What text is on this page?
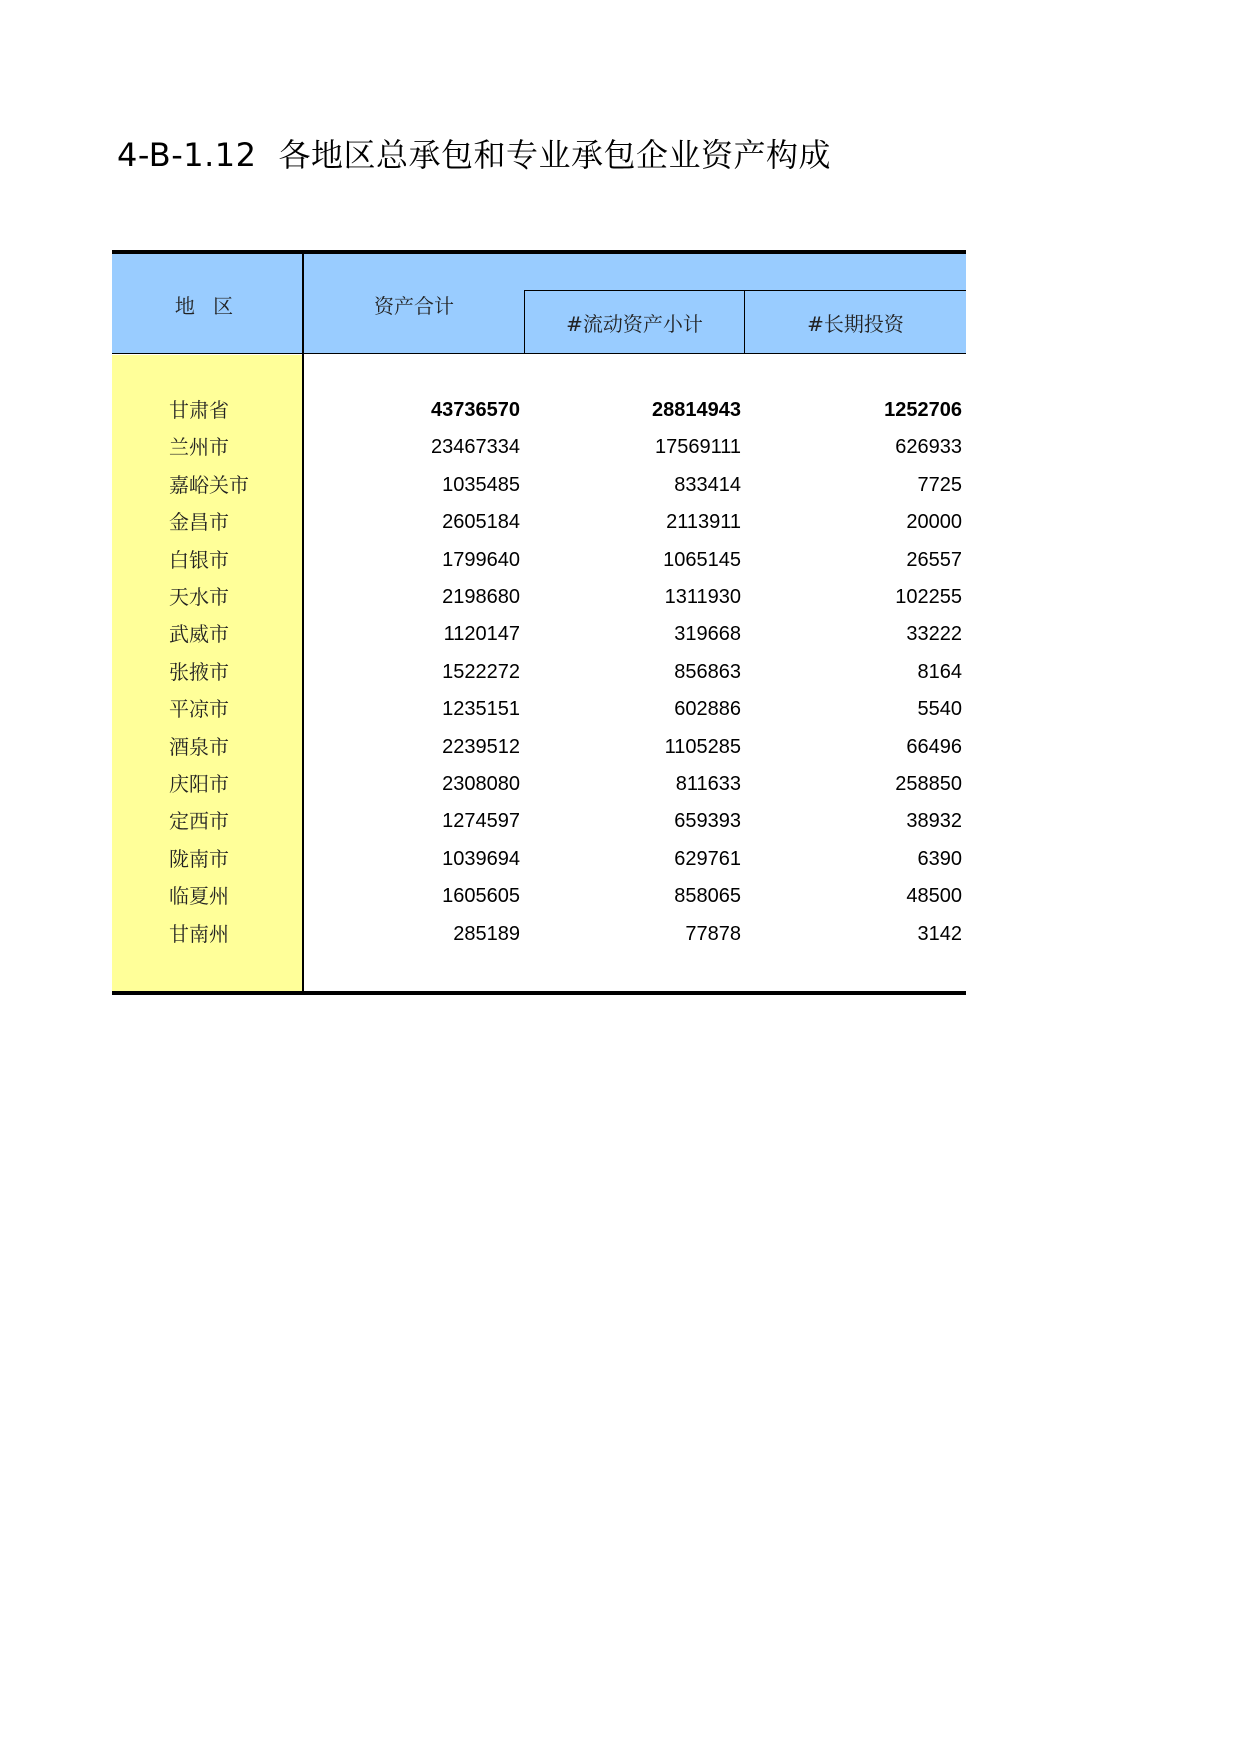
4-B-1.12 各地区总承包和专业承包企业资产构成
地 区	资产合计
#流动资产小计	#长期投资
甘肃省	43736570	28814943	1252706
兰州市	23467334	17569111	626933
嘉峪关市	1035485	833414	7725
金昌市	2605184	2113911	20000
白银市	1799640	1065145	26557
天水市	2198680	1311930	102255
武威市	1120147	319668	33222
张掖市	1522272	856863	8164
平凉市	1235151	602886	5540
酒泉市	2239512	1105285	66496
庆阳市	2308080	811633	258850
定西市	1274597	659393	38932
陇南市	1039694	629761	6390
临夏州	1605605	858065	48500
甘南州	285189	77878	3142
